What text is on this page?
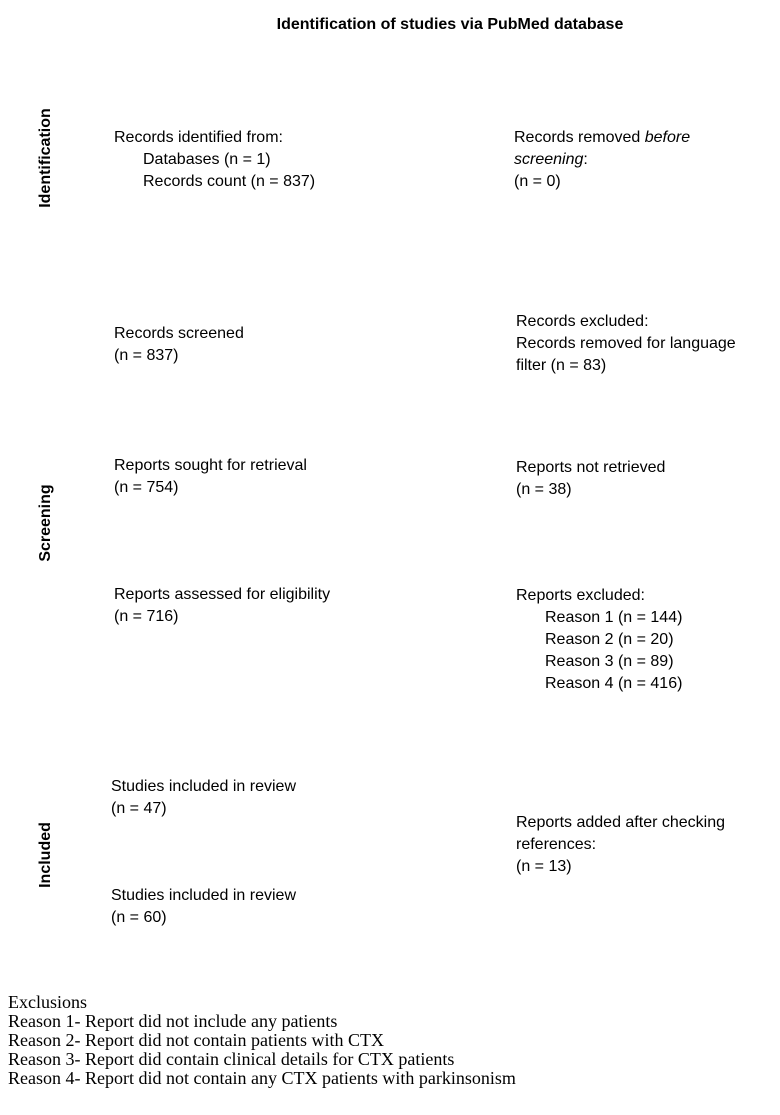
Identification of studies via PubMed database
Identification
Screening
Included
Records identified from:
Databases (n = 1)
Records count (n = 837)
Records removed before
screening:
(n = 0)
Records screened
(n = 837)
Records excluded:
Records removed for language
filter (n = 83)
Reports sought for retrieval
(n = 754)
Reports not retrieved
(n = 38)
Reports assessed for eligibility
(n = 716)
Reports excluded:
Reason 1 (n = 144)
Reason 2 (n = 20)
Reason 3 (n = 89)
Reason 4 (n = 416)
Studies included in review
(n = 47)
Reports added after checking
references:
(n = 13)
Studies included in review
(n = 60)
Exclusions
Reason 1- Report did not include any patients
Reason 2- Report did not contain patients with CTX
Reason 3- Report did contain clinical details for CTX patients
Reason 4- Report did not contain any CTX patients with parkinsonism
